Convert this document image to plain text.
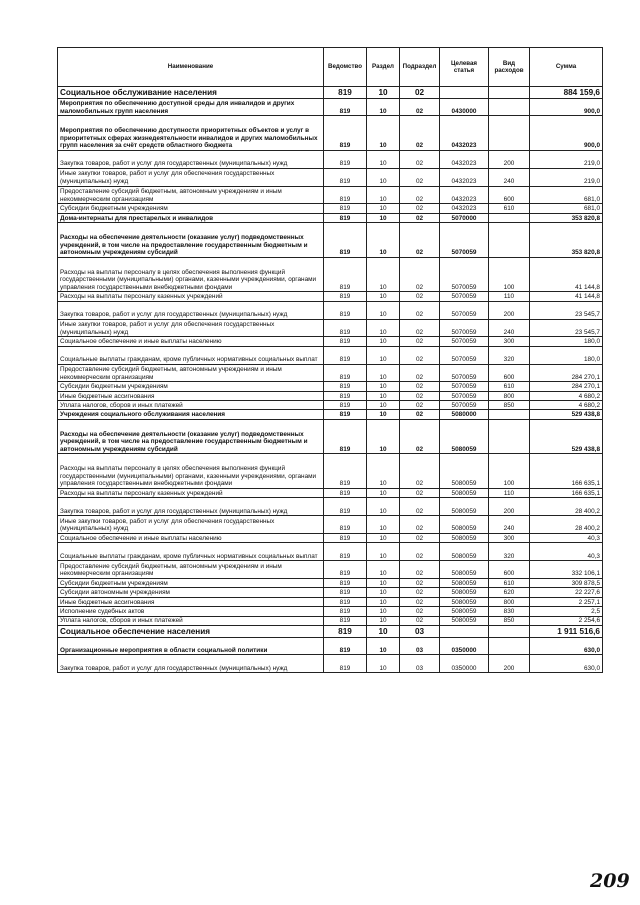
Наименование	Ведомство	Раздел	Подраздел	Целевая статья	Вид расходов	Сумма
Социальное обслуживание населения	819	10	02			884 159,6
Мероприятия по обеспечению доступной среды для инвалидов и других маломобильных групп населения	819	10	02	0430000		900,0
Мероприятия по обеспечению доступности приоритетных объектов и услуг в приоритетных сферах жизнедеятельности инвалидов и других маломобильных групп населения за счёт средств областного бюджета	819	10	02	0432023		900,0
Закупка товаров, работ и услуг для государственных (муниципальных) нужд	819	10	02	0432023	200	219,0
Иные закупки товаров, работ и услуг для обеспечения государственных (муниципальных) нужд	819	10	02	0432023	240	219,0
Предоставление субсидий бюджетным, автономным учреждениям и иным некоммерческим организациям	819	10	02	0432023	600	681,0
Субсидии бюджетным учреждениям	819	10	02	0432023	610	681,0
Дома-интернаты для престарелых и инвалидов	819	10	02	5070000		353 820,8
Расходы на обеспечение деятельности (оказание услуг) подведомственных учреждений, в том числе на предоставление государственным бюджетным и автономным учреждениям субсидий	819	10	02	5070059		353 820,8
Расходы на выплаты персоналу в целях обеспечения выполнения функций государственными (муниципальными) органами, казенными учреждениями, органами управления государственными внебюджетными фондами	819	10	02	5070059	100	41 144,8
Расходы на выплаты персоналу казенных учреждений	819	10	02	5070059	110	41 144,8
Закупка товаров, работ и услуг для государственных (муниципальных) нужд	819	10	02	5070059	200	23 545,7
Иные закупки товаров, работ и услуг для обеспечения государственных (муниципальных) нужд	819	10	02	5070059	240	23 545,7
Социальное обеспечение и иные выплаты населению	819	10	02	5070059	300	180,0
Социальные выплаты гражданам, кроме публичных нормативных социальных выплат	819	10	02	5070059	320	180,0
Предоставление субсидий бюджетным, автономным учреждениям и иным некоммерческим организациям	819	10	02	5070059	600	284 270,1
Субсидии бюджетным учреждениям	819	10	02	5070059	610	284 270,1
Иные бюджетные ассигнования	819	10	02	5070059	800	4 680,2
Уплата налогов, сборов и иных платежей	819	10	02	5070059	850	4 680,2
Учреждения социального обслуживания населения	819	10	02	5080000		529 438,8
Расходы на обеспечение деятельности (оказание услуг) подведомственных учреждений, в том числе на предоставление государственным бюджетным и автономным учреждениям субсидий	819	10	02	5080059		529 438,8
Расходы на выплаты персоналу в целях обеспечения выполнения функций государственными (муниципальными) органами, казенными учреждениями, органами управления государственными внебюджетными фондами	819	10	02	5080059	100	166 635,1
Расходы на выплаты персоналу казенных учреждений	819	10	02	5080059	110	166 635,1
Закупка товаров, работ и услуг для государственных (муниципальных) нужд	819	10	02	5080059	200	28 400,2
Иные закупки товаров, работ и услуг для обеспечения государственных (муниципальных) нужд	819	10	02	5080059	240	28 400,2
Социальное обеспечение и иные выплаты населению	819	10	02	5080059	300	40,3
Социальные выплаты гражданам, кроме публичных нормативных социальных выплат	819	10	02	5080059	320	40,3
Предоставление субсидий бюджетным, автономным учреждениям и иным некоммерческим организациям	819	10	02	5080059	600	332 106,1
Субсидии бюджетным учреждениям	819	10	02	5080059	610	309 878,5
Субсидии автономным учреждениям	819	10	02	5080059	620	22 227,6
Иные бюджетные ассигнования	819	10	02	5080059	800	2 257,1
Исполнение судебных актов	819	10	02	5080059	830	2,5
Уплата налогов, сборов и иных платежей	819	10	02	5080059	850	2 254,6
Социальное обеспечение населения	819	10	03			1 911 516,6
Организационные мероприятия в области социальной политики	819	10	03	0350000		630,0
Закупка товаров, работ и услуг для государственных (муниципальных) нужд	819	10	03	0350000	200	630,0
209
